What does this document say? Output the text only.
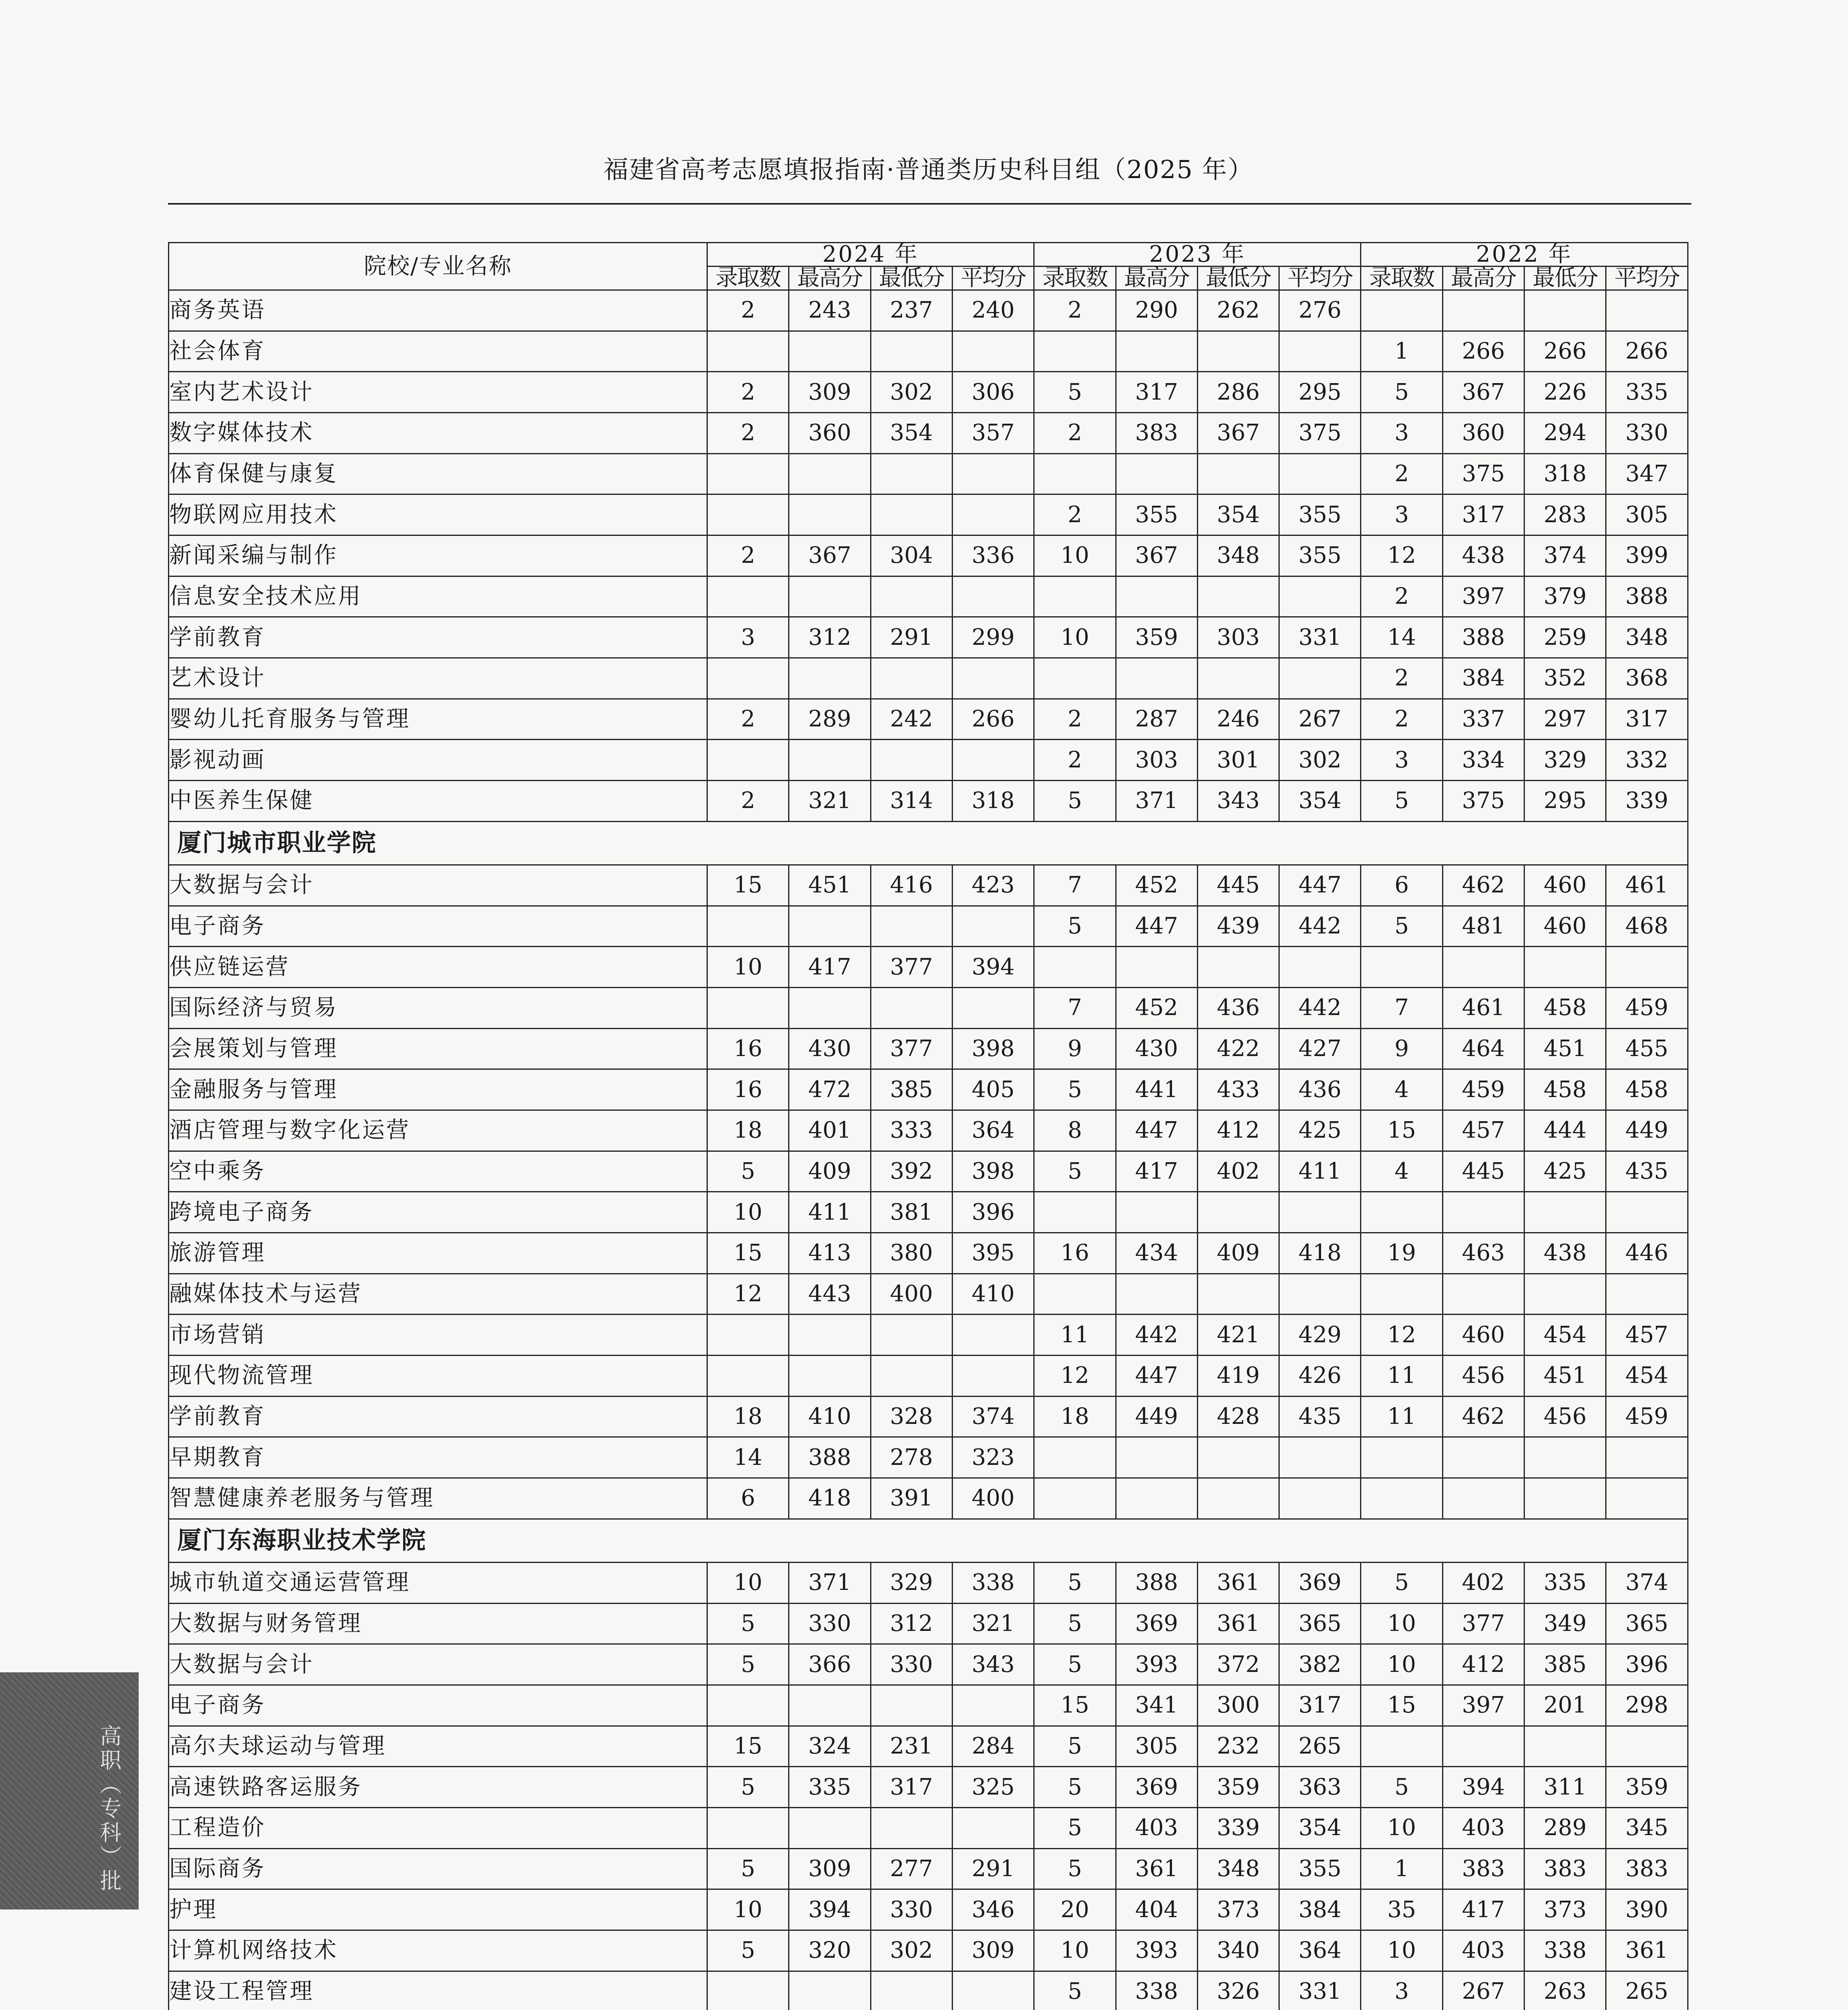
福建省高考志愿填报指南·普通类历史科目组（2025 年）
院校/专业名称	2024 年				2023 年				2022 年			
	录取数	最高分	最低分	平均分	录取数	最高分	最低分	平均分	录取数	最高分	最低分	平均分
商务英语	2	243	237	240	2	290	262	276				
社会体育									1	266	266	266
室内艺术设计	2	309	302	306	5	317	286	295	5	367	226	335
数字媒体技术	2	360	354	357	2	383	367	375	3	360	294	330
体育保健与康复									2	375	318	347
物联网应用技术					2	355	354	355	3	317	283	305
新闻采编与制作	2	367	304	336	10	367	348	355	12	438	374	399
信息安全技术应用									2	397	379	388
学前教育	3	312	291	299	10	359	303	331	14	388	259	348
艺术设计									2	384	352	368
婴幼儿托育服务与管理	2	289	242	266	2	287	246	267	2	337	297	317
影视动画					2	303	301	302	3	334	329	332
中医养生保健	2	321	314	318	5	371	343	354	5	375	295	339
厦门城市职业学院												
大数据与会计	15	451	416	423	7	452	445	447	6	462	460	461
电子商务					5	447	439	442	5	481	460	468
供应链运营	10	417	377	394								
国际经济与贸易					7	452	436	442	7	461	458	459
会展策划与管理	16	430	377	398	9	430	422	427	9	464	451	455
金融服务与管理	16	472	385	405	5	441	433	436	4	459	458	458
酒店管理与数字化运营	18	401	333	364	8	447	412	425	15	457	444	449
空中乘务	5	409	392	398	5	417	402	411	4	445	425	435
跨境电子商务	10	411	381	396								
旅游管理	15	413	380	395	16	434	409	418	19	463	438	446
融媒体技术与运营	12	443	400	410								
市场营销					11	442	421	429	12	460	454	457
现代物流管理					12	447	419	426	11	456	451	454
学前教育	18	410	328	374	18	449	428	435	11	462	456	459
早期教育	14	388	278	323								
智慧健康养老服务与管理	6	418	391	400								
厦门东海职业技术学院												
城市轨道交通运营管理	10	371	329	338	5	388	361	369	5	402	335	374
大数据与财务管理	5	330	312	321	5	369	361	365	10	377	349	365
大数据与会计	5	366	330	343	5	393	372	382	10	412	385	396
电子商务					15	341	300	317	15	397	201	298
高尔夫球运动与管理	15	324	231	284	5	305	232	265				
高速铁路客运服务	5	335	317	325	5	369	359	363	5	394	311	359
工程造价					5	403	339	354	10	403	289	345
国际商务	5	309	277	291	5	361	348	355	1	383	383	383
护理	10	394	330	346	20	404	373	384	35	417	373	390
计算机网络技术	5	320	302	309	10	393	340	364	10	403	338	361
建设工程管理					5	338	326	331	3	267	263	265

高职（专科）批
